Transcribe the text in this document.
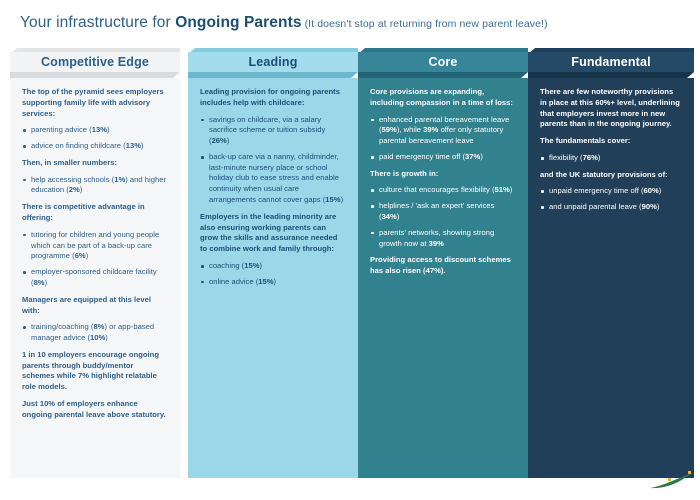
Your infrastructure for Ongoing Parents (It doesn't stop at returning from new parent leave!)
Competitive Edge

The top of the pyramid sees employers supporting family life with advisory services:

parenting advice (13%)
advice on finding childcare (13%)

Then, in smaller numbers:

help accessing schools (1%) and higher education (2%)

There is competitive advantage in offering:

tutoring for children and young people which can be part of a back-up care programme (6%)
employer-sponsored childcare facility (8%)

Managers are equipped at this level with:

training/coaching (8%) or app-based manager advice (10%)

1 in 10 employers encourage ongoing parents through buddy/mentor schemes while 7% highlight relatable role models.

Just 10% of employers enhance ongoing parental leave above statutory.

Leading

Leading provision for ongoing parents includes help with childcare:

savings on childcare, via a salary sacrifice scheme or tuition subsidy (26%)
back-up care via a nanny, childminder, last-minute nursery place or school holiday club to ease stress and enable continuity when usual care arrangements cannot cover gaps (15%)

Employers in the leading minority are also ensuring working parents can grow the skills and assurance needed to combine work and family through:

coaching (15%)
online advice (15%)
Core

Core provisions are expanding, including compassion in a time of loss:

enhanced parental bereavement leave (59%), while 39% offer only statutory parental bereavement leave
paid emergency time off (37%)

There is growth in:

culture that encourages flexibility (51%)
helplines / 'ask an expert' services (34%)
parents' networks, showing strong growth now at 39%

Providing access to discount schemes has also risen (47%).

Fundamental

There are few noteworthy provisions in place at this 60%+ level, underlining that employers invest more in new parents than in the ongoing journey.

The fundamentals cover:

flexibility (76%)

and the UK statutory provisions of:

unpaid emergency time off (60%)
and unpaid parental leave (90%)
